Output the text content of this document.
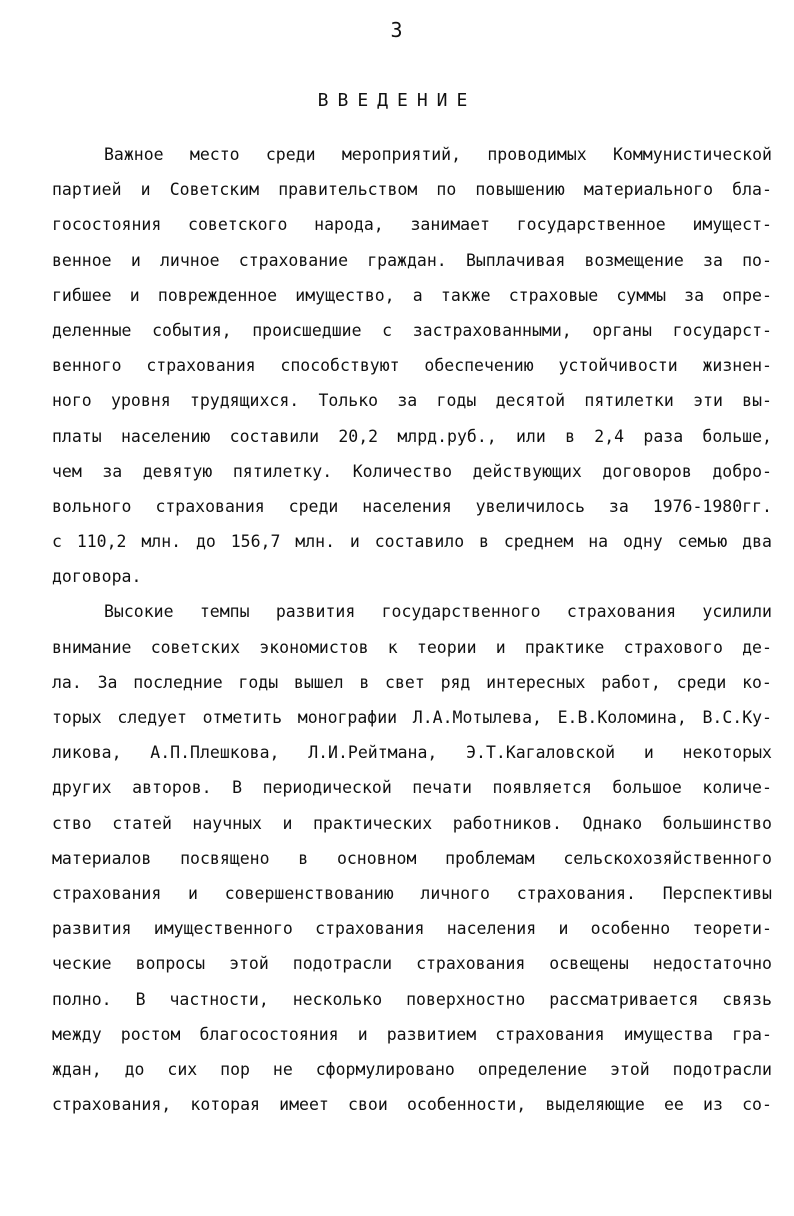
3
ВВЕДЕНИЕ
Важное место среди мероприятий, проводимых Коммунистической
партией и Советским правительством по повышению материального бла-
госостояния советского народа, занимает государственное имущест-
венное и личное страхование граждан. Выплачивая возмещение за по-
гибшее и поврежденное имущество, а также страховые суммы за опре-
деленные события, происшедшие с застрахованными, органы государст-
венного страхования способствуют обеспечению устойчивости жизнен-
ного уровня трудящихся. Только за годы десятой пятилетки эти вы-
платы населению составили 20,2 млрд.руб., или в 2,4 раза больше,
чем за девятую пятилетку. Количество действующих договоров добро-
вольного страхования среди населения увеличилось за 1976-1980гг.
с 110,2 млн. до 156,7 млн. и составило в среднем на одну семью два
договора.
Высокие темпы развития государственного страхования усилили
внимание советских экономистов к теории и практике страхового де-
ла. За последние годы вышел в свет ряд интересных работ, среди ко-
торых следует отметить монографии Л.А.Мотылева, Е.В.Коломина, В.С.Ку-
ликова, А.П.Плешкова, Л.И.Рейтмана, Э.Т.Кагаловской и некоторых
других авторов. В периодической печати появляется большое количе-
ство статей научных и практических работников. Однако большинство
материалов посвящено в основном проблемам сельскохозяйственного
страхования и совершенствованию личного страхования. Перспективы
развития имущественного страхования населения и особенно теорети-
ческие вопросы этой подотрасли страхования освещены недостаточно
полно. В частности, несколько поверхностно рассматривается связь
между ростом благосостояния и развитием страхования имущества гра-
ждан, до сих пор не сформулировано определение этой подотрасли
страхования, которая имеет свои особенности, выделяющие ее из со-
